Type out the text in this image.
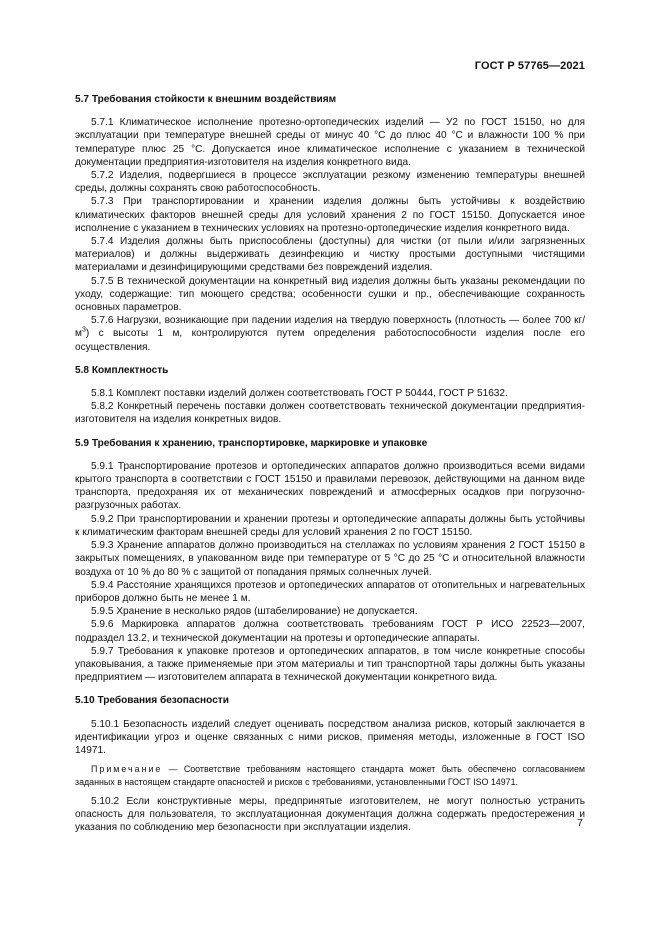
ГОСТ Р 57765—2021
5.7 Требования стойкости к внешним воздействиям

5.7.1 Климатическое исполнение протезно-ортопедических изделий — У2 по ГОСТ 15150, но для эксплуатации при температуре внешней среды от минус 40 °С до плюс 40 °С и влажности 100 % при температуре плюс 25 °С. Допускается иное климатическое исполнение с указанием в технической документации предприятия-изготовителя на изделия конкретного вида.

5.7.2 Изделия, подвергшиеся в процессе эксплуатации резкому изменению температуры внешней среды, должны сохранять свою работоспособность.

5.7.3 При транспортировании и хранении изделия должны быть устойчивы к воздействию климатических факторов внешней среды для условий хранения 2 по ГОСТ 15150. Допускается иное исполнение с указанием в технических условиях на протезно-ортопедические изделия конкретного вида.

5.7.4 Изделия должны быть приспособлены (доступны) для чистки (от пыли и/или загрязненных материалов) и должны выдерживать дезинфекцию и чистку простыми доступными чистящими материалами и дезинфицирующими средствами без повреждений изделия.

5.7.5 В технической документации на конкретный вид изделия должны быть указаны рекомендации по уходу, содержащие: тип моющего средства; особенности сушки и пр., обеспечивающие сохранность основных параметров.

5.7.6 Нагрузки, возникающие при падении изделия на твердую поверхность (плотность — более 700 $кг/м^3$) с высоты 1 м, контролируются путем определения работоспособности изделия после его осуществления.

5.8 Комплектность

5.8.1 Комплект поставки изделий должен соответствовать ГОСТ Р 50444, ГОСТ Р 51632.

5.8.2 Конкретный перечень поставки должен соответствовать технической документации предприятия-изготовителя на изделия конкретных видов.

5.9 Требования к хранению, транспортировке, маркировке и упаковке

5.9.1 Транспортирование протезов и ортопедических аппаратов должно производиться всеми видами крытого транспорта в соответствии с ГОСТ 15150 и правилами перевозок, действующими на данном виде транспорта, предохраняя их от механических повреждений и атмосферных осадков при погрузочно-разгрузочных работах.

5.9.2 При транспортировании и хранении протезы и ортопедические аппараты должны быть устойчивы к климатическим факторам внешней среды для условий хранения 2 по ГОСТ 15150.

5.9.3 Хранение аппаратов должно производиться на стеллажах по условиям хранения 2 ГОСТ 15150 в закрытых помещениях, в упакованном виде при температуре от 5 °С до 25 °С и относительной влажности воздуха от 10 % до 80 % с защитой от попадания прямых солнечных лучей.

5.9.4 Расстояние хранящихся протезов и ортопедических аппаратов от отопительных и нагревательных приборов должно быть не менее 1 м.

5.9.5 Хранение в несколько рядов (штабелирование) не допускается.

5.9.6 Маркировка аппаратов должна соответствовать требованиям ГОСТ Р ИСО 22523—2007, подраздел 13.2, и технической документации на протезы и ортопедические аппараты.

5.9.7 Требования к упаковке протезов и ортопедических аппаратов, в том числе конкретные способы упаковывания, а также применяемые при этом материалы и тип транспортной тары должны быть указаны предприятием — изготовителем аппарата в технической документации конкретного вида.

5.10 Требования безопасности

5.10.1 Безопасность изделий следует оценивать посредством анализа рисков, который заключается в идентификации угроз и оценке связанных с ними рисков, применяя методы, изложенные в ГОСТ ISO 14971.

Примечание — Соответствие требованиям настоящего стандарта может быть обеспечено согласованием заданных в настоящем стандарте опасностей и рисков с требованиями, установленными ГОСТ ISO 14971.

5.10.2 Если конструктивные меры, предпринятые изготовителем, не могут полностью устранить опасность для пользователя, то эксплуатационная документация должна содержать предостережения и указания по соблюдению мер безопасности при эксплуатации изделия.	7
